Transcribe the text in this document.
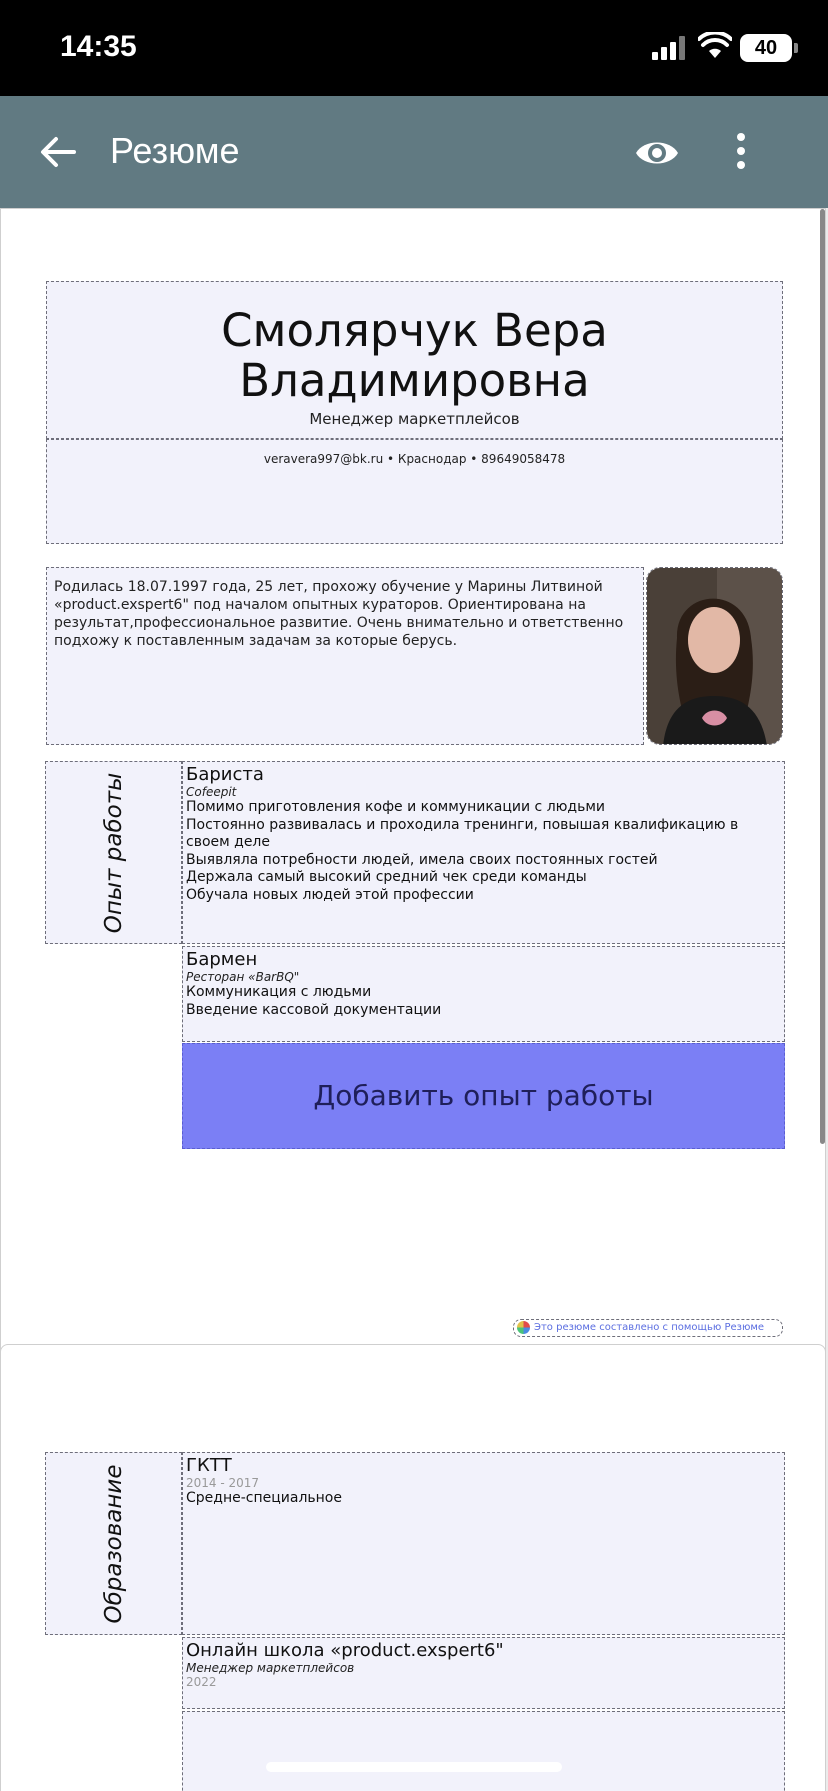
14:35	40
Резюме
Смолярчук Вера
Владимировна
Менеджер маркетплейсов
veravera997@bk.ru • Краснодар • 89649058478
Родилась 18.07.1997 года, 25 лет, прохожу обучение у Марины Литвиной «product.exspert6" под началом опытных кураторов. Ориентирована на результат,профессиональное развитие. Очень внимательно и ответственно подхожу к поставленным задачам за которые берусь.
Опыт работы	Бариста
Cofeepit
Помимо приготовления кофе и коммуникации с людьми
Постоянно развивалась и проходила тренинги, повышая квалификацию в своем деле
Выявляла потребности людей, имела своих постоянных гостей
Держала самый высокий средний чек среди команды
Обучала новых людей этой профессии
Бармен
Ресторан «BarBQ"
Коммуникация с людьми
Введение кассовой документации
Добавить опыт работы
Это резюме составлено с помощью Резюме
Образование	ГКТТ
2014 - 2017
Средне-специальное
Онлайн школа «product.exspert6"
Менеджер маркетплейсов
2022
